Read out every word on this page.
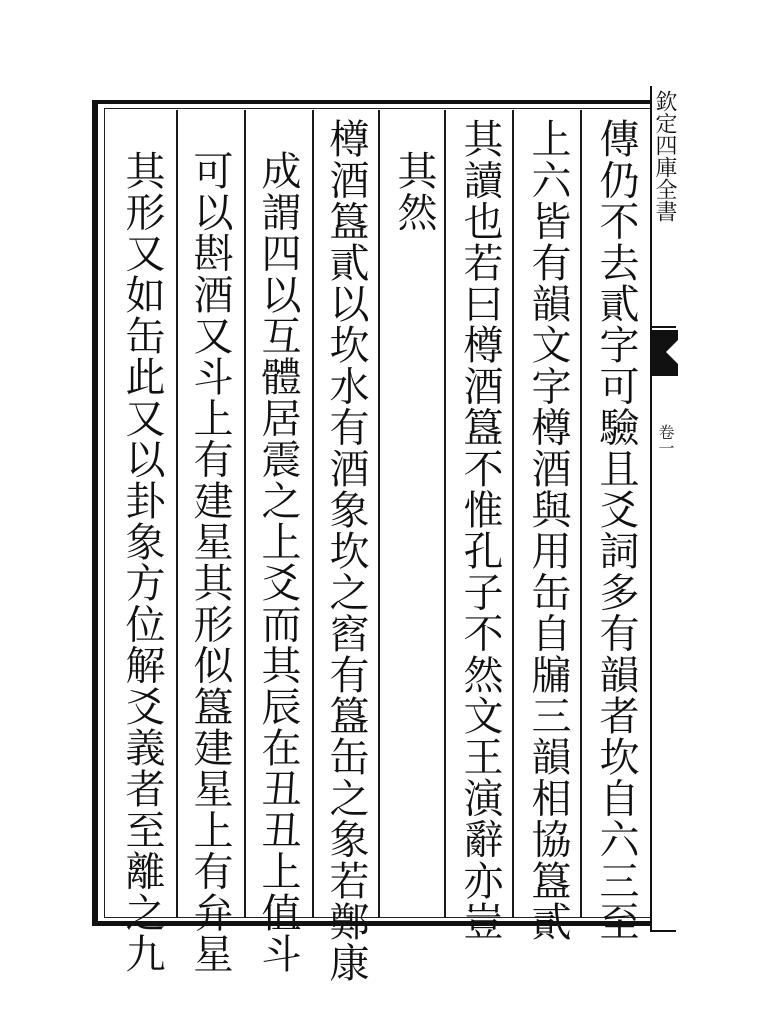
傳仍不去貳字可驗且爻詞多有韻者坎自六三至
上六皆有韻文字樽酒與用缶自牖三韻相協簋貳
其讀也若曰樽酒簋不惟孔子不然文王演辭亦豈
其然
樽酒簋貳以坎水有酒象坎之窞有簋缶之象若鄭康
成謂四以互體居震之上爻而其辰在丑丑上值斗
可以斟酒又斗上有建星其形似簋建星上有弁星
其形又如缶此又以卦象方位解爻義者至離之九	欽定四庫全書
卷一
